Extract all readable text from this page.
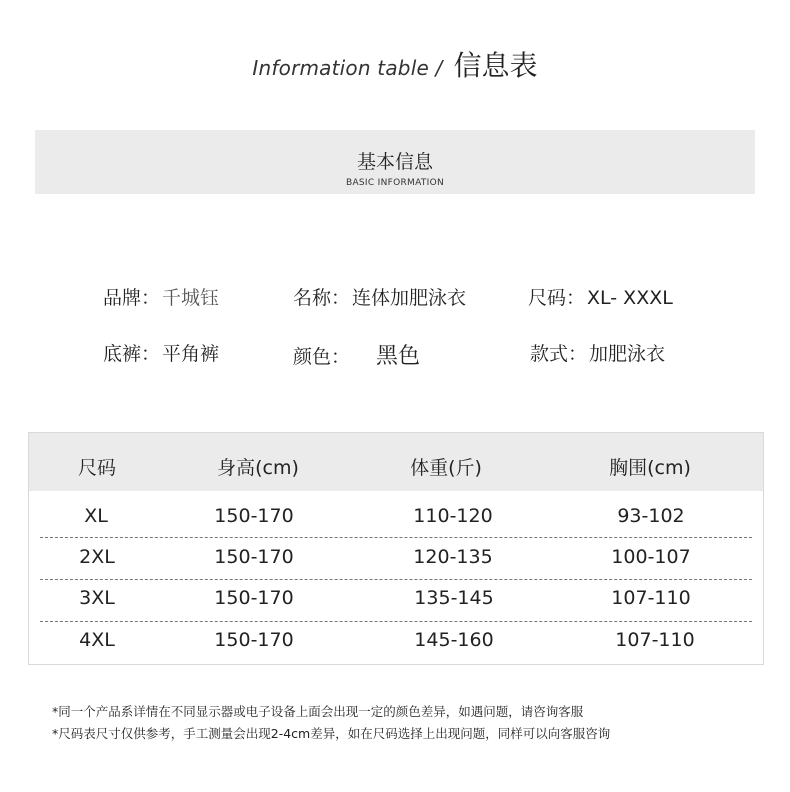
Information table / 信息表
基本信息
BASIC INFORMATION
品牌： 千城钰	名称： 连体加肥泳衣	尺码： XL- XXXL
底裤： 平角裤	颜色： 黑色	款式： 加肥泳衣
尺码	身高(cm)	体重(斤)	胸围(cm)
XL	150-170	110-120	93-102
2XL	150-170	120-135	100-107
3XL	150-170	135-145	107-110
4XL	150-170	145-160	107-110
*同一个产品系详情在不同显示器或电子设备上面会出现一定的颜色差异，如遇问题，请咨询客服
*尺码表尺寸仅供参考，手工测量会出现2-4cm差异，如在尺码选择上出现问题，同样可以向客服咨询
